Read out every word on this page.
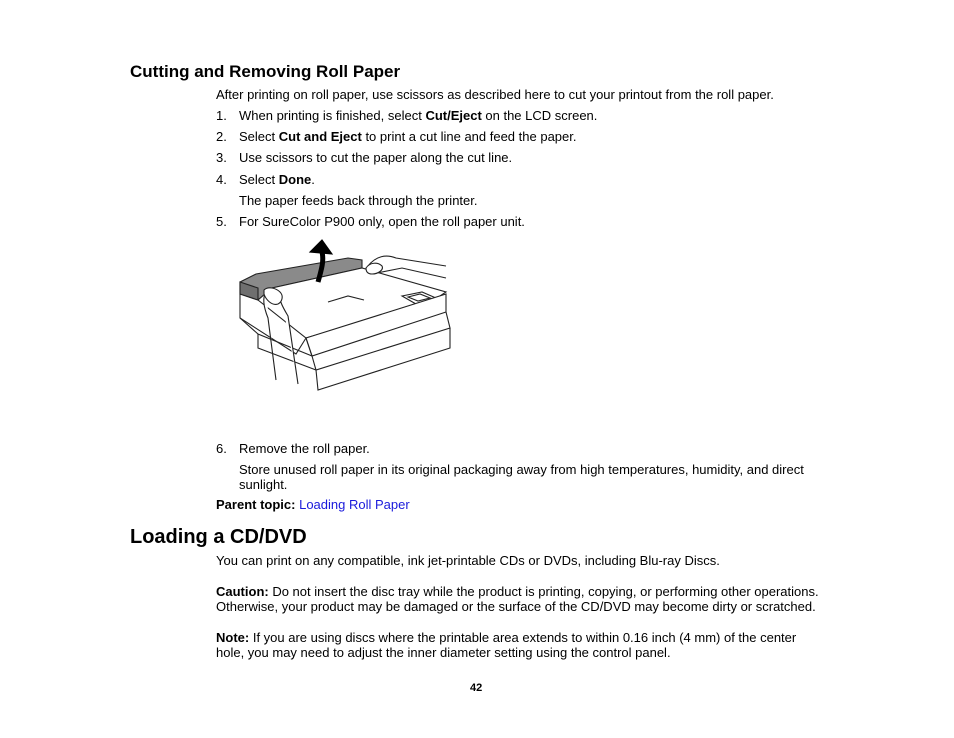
Cutting and Removing Roll Paper
After printing on roll paper, use scissors as described here to cut your printout from the roll paper.
1. When printing is finished, select Cut/Eject on the LCD screen.
2. Select Cut and Eject to print a cut line and feed the paper.
3. Use scissors to cut the paper along the cut line.
4. Select Done.
The paper feeds back through the printer.
5. For SureColor P900 only, open the roll paper unit.
6. Remove the roll paper.
Store unused roll paper in its original packaging away from high temperatures, humidity, and direct
sunlight.
Parent topic: Loading Roll Paper
Loading a CD/DVD
You can print on any compatible, ink jet-printable CDs or DVDs, including Blu-ray Discs.
Caution: Do not insert the disc tray while the product is printing, copying, or performing other operations.
Otherwise, your product may be damaged or the surface of the CD/DVD may become dirty or scratched.
Note: If you are using discs where the printable area extends to within 0.16 inch (4 mm) of the center
hole, you may need to adjust the inner diameter setting using the control panel.
42
